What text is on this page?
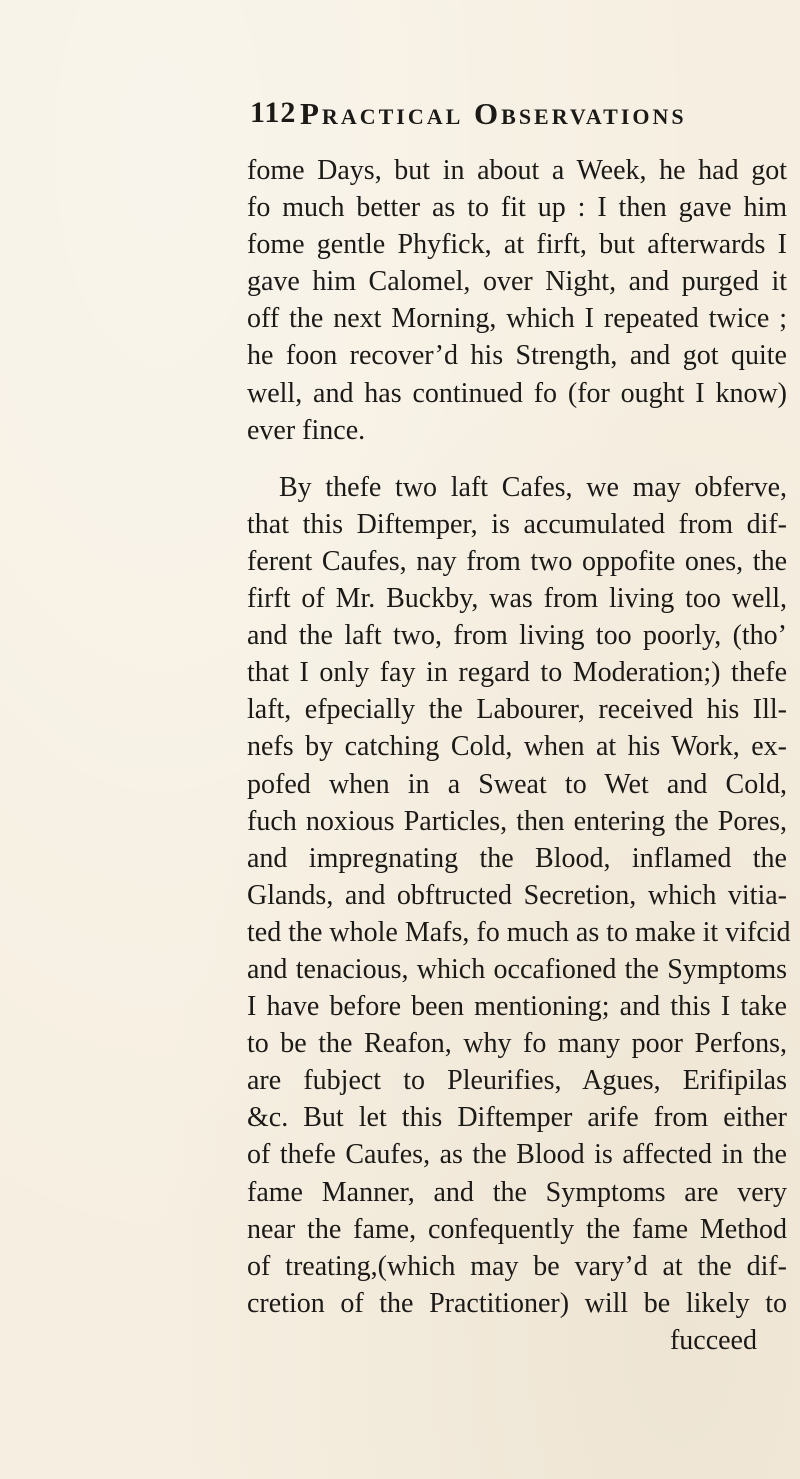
112 Practical Observations
fome Days, but in about a Week, he had got
fo much better as to fit up : I then gave him
fome gentle Phyfick, at firft, but afterwards I
gave him Calomel, over Night, and purged it
off the next Morning, which I repeated twice ;
he foon recover’d his Strength, and got quite
well, and has continued fo (for ought I know)
ever fince.
By thefe two laft Cafes, we may obferve,
that this Diftemper, is accumulated from dif-
ferent Caufes, nay from two oppofite ones, the
firft of Mr. Buckby, was from living too well,
and the laft two, from living too poorly, (tho’
that I only fay in regard to Moderation;) thefe
laft, efpecially the Labourer, received his Ill-
nefs by catching Cold, when at his Work, ex-
pofed when in a Sweat to Wet and Cold,
fuch noxious Particles, then entering the Pores,
and impregnating the Blood, inflamed the
Glands, and obftructed Secretion, which vitia-
ted the whole Mafs, fo much as to make it vifcid
and tenacious, which occafioned the Symptoms
I have before been mentioning; and this I take
to be the Reafon, why fo many poor Perfons,
are fubject to Pleurifies, Agues, Erifipilas
&c. But let this Diftemper arife from either
of thefe Caufes, as the Blood is affected in the
fame Manner, and the Symptoms are very
near the fame, confequently the fame Method
of treating,(which may be vary’d at the dif-
cretion of the Practitioner) will be likely to
fucceed
